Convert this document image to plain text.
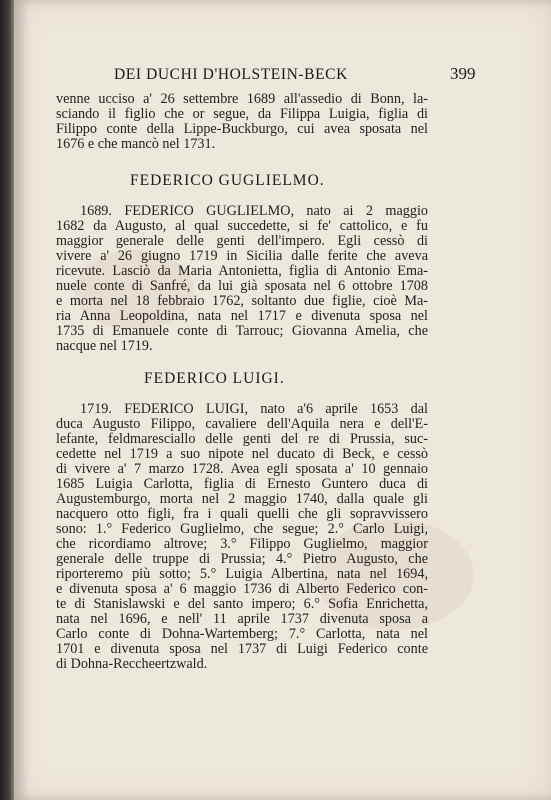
DEI DUCHI D'HOLSTEIN-BECK	399
venne ucciso a' 26 settembre 1689 all'assedio di Bonn, la-
sciando il figlio che or segue, da Filippa Luigia, figlia di
Filippo conte della Lippe-Buckburgo, cui avea sposata nel
1676 e che mancò nel 1731.
FEDERICO GUGLIELMO.
1689. FEDERICO GUGLIELMO, nato ai 2 maggio
1682 da Augusto, al qual succedette, si fe' cattolico, e fu
maggior generale delle genti dell'impero. Egli cessò di
vivere a' 26 giugno 1719 in Sicilia dalle ferite che aveva
ricevute. Lasciò da Maria Antonietta, figlia di Antonio Ema-
nuele conte di Sanfré, da lui già sposata nel 6 ottobre 1708
e morta nel 18 febbraio 1762, soltanto due figlie, cioè Ma-
ria Anna Leopoldina, nata nel 1717 e divenuta sposa nel
1735 di Emanuele conte di Tarrouc; Giovanna Amelia, che
nacque nel 1719.
FEDERICO LUIGI.
1719. FEDERICO LUIGI, nato a'6 aprile 1653 dal
duca Augusto Filippo, cavaliere dell'Aquila nera e dell'E-
lefante, feldmaresciallo delle genti del re di Prussia, suc-
cedette nel 1719 a suo nipote nel ducato di Beck, e cessò
di vivere a' 7 marzo 1728. Avea egli sposata a' 10 gennaio
1685 Luigia Carlotta, figlia di Ernesto Guntero duca di
Augustemburgo, morta nel 2 maggio 1740, dalla quale gli
nacquero otto figli, fra i quali quelli che gli sopravvissero
sono: 1.° Federico Guglielmo, che segue; 2.° Carlo Luigi,
che ricordiamo altrove; 3.° Filippo Guglielmo, maggior
generale delle truppe di Prussia; 4.° Pietro Augusto, che
riporteremo più sotto; 5.° Luigia Albertina, nata nel 1694,
e divenuta sposa a' 6 maggio 1736 di Alberto Federico con-
te di Stanislawski e del santo impero; 6.° Sofia Enrichetta,
nata nel 1696, e nell' 11 aprile 1737 divenuta sposa a
Carlo conte di Dohna-Wartemberg; 7.° Carlotta, nata nel
1701 e divenuta sposa nel 1737 di Luigi Federico conte
di Dohna-Reccheertzwald.
